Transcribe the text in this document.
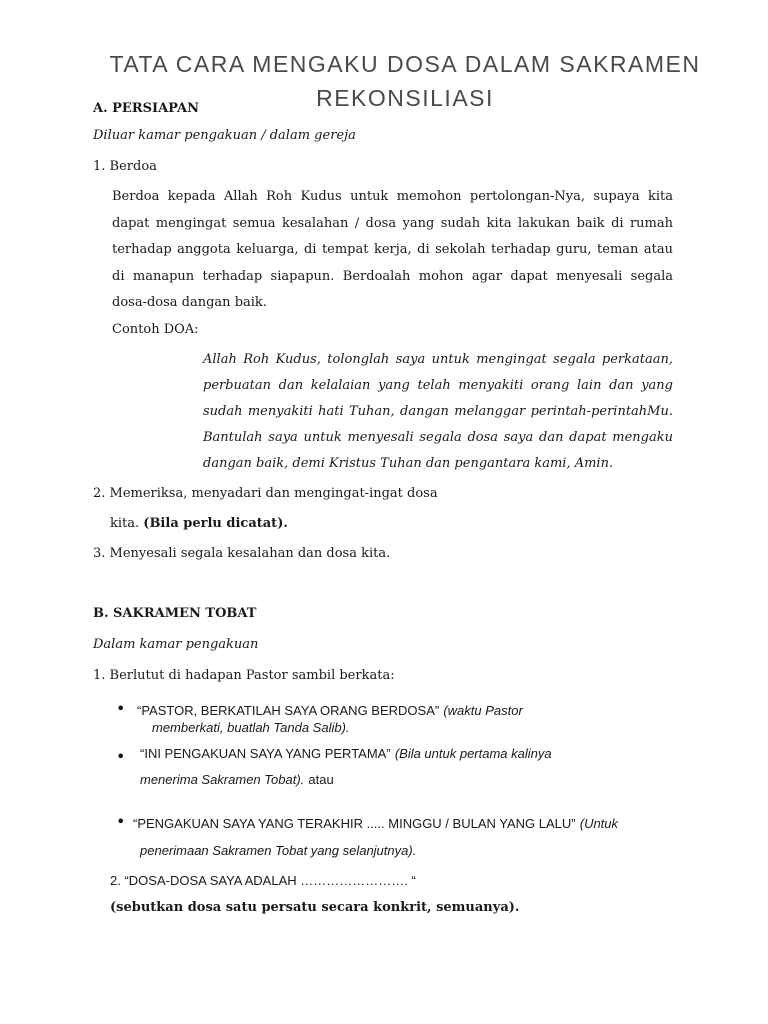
TATA CARA MENGAKU DOSA DALAM SAKRAMEN
REKONSILIASI
A. PERSIAPAN
Diluar kamar pengakuan / dalam gereja
1. Berdoa
Berdoa kepada Allah Roh Kudus untuk memohon pertolongan-Nya, supaya kita dapat mengingat semua kesalahan / dosa yang sudah kita lakukan baik di rumah terhadap anggota keluarga, di tempat kerja, di sekolah terhadap guru, teman atau di manapun terhadap siapapun. Berdoalah mohon agar dapat menyesali segala dosa-dosa dangan baik.
Contoh DOA:
Allah Roh Kudus, tolonglah saya untuk mengingat segala perkataan, perbuatan dan kelalaian yang telah menyakiti orang lain dan yang sudah menyakiti hati Tuhan, dangan melanggar perintah-perintahMu. Bantulah saya untuk menyesali segala dosa saya dan dapat mengaku dangan baik, demi Kristus Tuhan dan pengantara kami, Amin.
2. Memeriksa, menyadari dan mengingat-ingat dosa
kita. (Bila perlu dicatat).
3. Menyesali segala kesalahan dan dosa kita.
B. SAKRAMEN TOBAT
Dalam kamar pengakuan
1. Berlutut di hadapan Pastor sambil berkata:
• “PASTOR, BERKATILAH SAYA ORANG BERDOSA” (waktu Pastor
memberkati, buatlah Tanda Salib).
• “INI PENGAKUAN SAYA YANG PERTAMA” (Bila untuk pertama kalinya
menerima Sakramen Tobat). atau
• “PENGAKUAN SAYA YANG TERAKHIR ..... MINGGU / BULAN YANG LALU” (Untuk
penerimaan Sakramen Tobat yang selanjutnya).
2. “DOSA-DOSA SAYA ADALAH ……………………. “
(sebutkan dosa satu persatu secara konkrit, semuanya).
